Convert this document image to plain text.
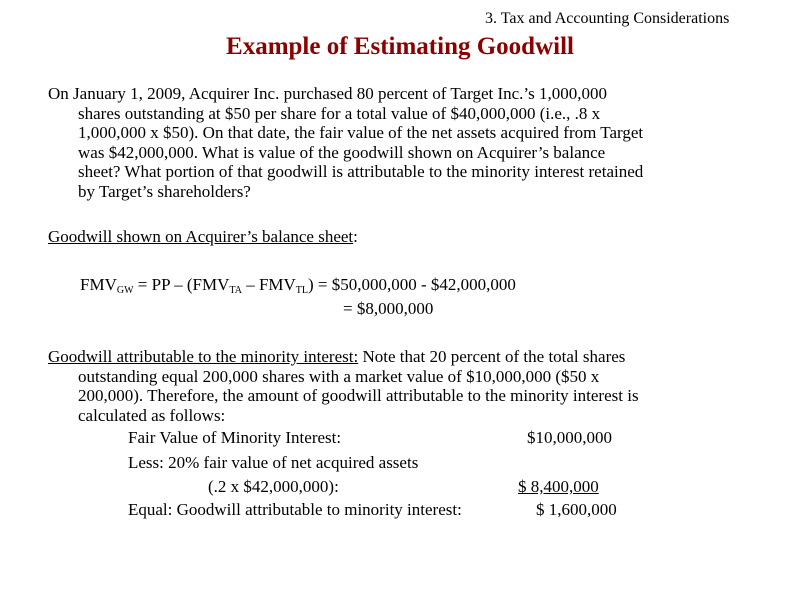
3. Tax and Accounting Considerations
Example of Estimating Goodwill
On January 1, 2009, Acquirer Inc. purchased 80 percent of Target Inc.’s 1,000,000
shares outstanding at $50 per share for a total value of $40,000,000 (i.e., .8 x
1,000,000 x $50). On that date, the fair value of the net assets acquired from Target
was $42,000,000. What is value of the goodwill shown on Acquirer’s balance
sheet? What portion of that goodwill is attributable to the minority interest retained
by Target’s shareholders?
Goodwill shown on Acquirer’s balance sheet:
$FMV_{GW}$ = PP – $(FMV_{TA} - FMV_{TL})$ = $50,000,000 - $42,000,000
= $8,000,000
Goodwill attributable to the minority interest: Note that 20 percent of the total shares
outstanding equal 200,000 shares with a market value of $10,000,000 ($50 x
200,000). Therefore, the amount of goodwill attributable to the minority interest is
calculated as follows:
Fair Value of Minority Interest:	$10,000,000
Less: 20% fair value of net acquired assets
(.2 x $42,000,000):	$ 8,400,000
Equal: Goodwill attributable to minority interest:	$ 1,600,000
